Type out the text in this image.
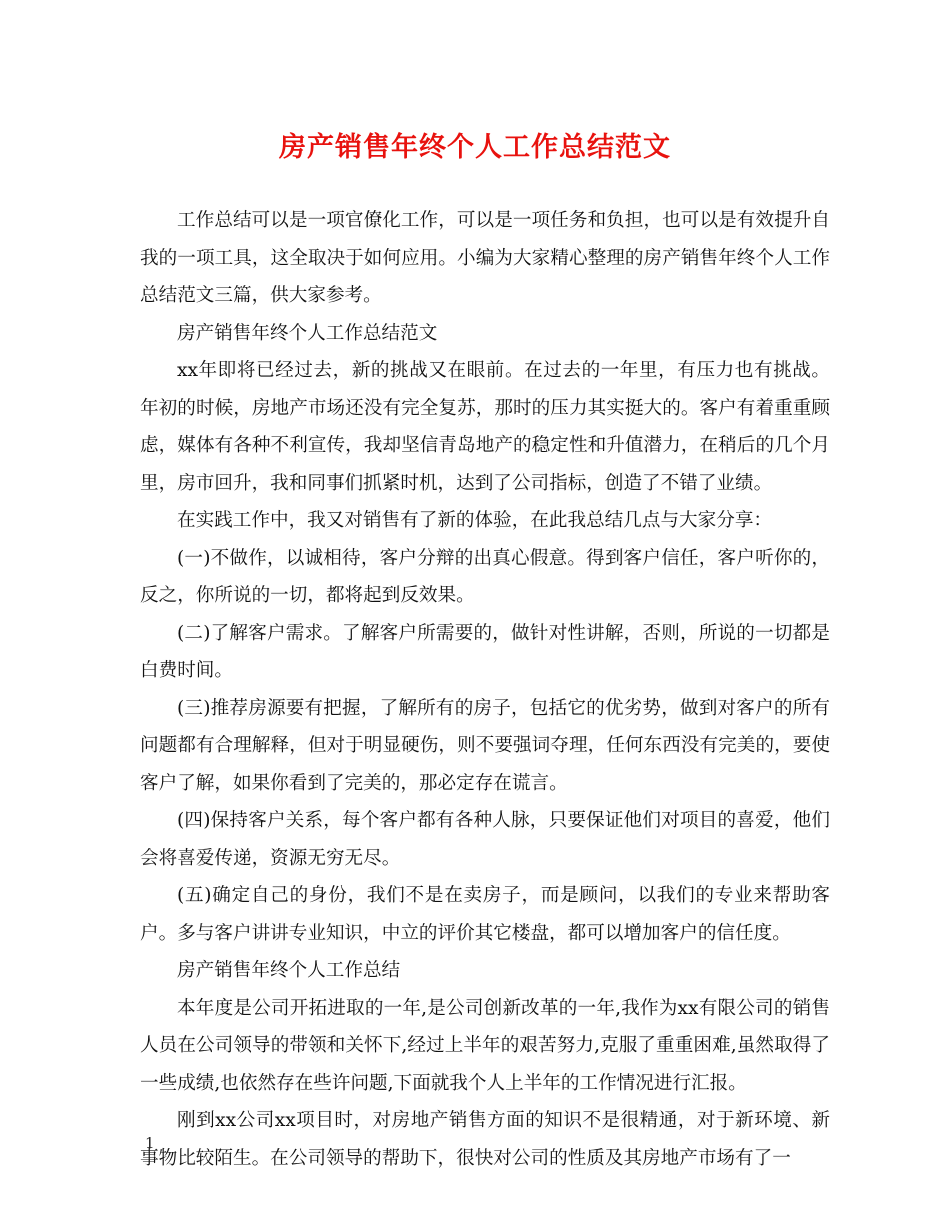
房产销售年终个人工作总结范文

工作总结可以是一项官僚化工作，可以是一项任务和负担，也可以是有效提升自我的一项工具，这全取决于如何应用。小编为大家精心整理的房产销售年终个人工作总结范文三篇，供大家参考。

房产销售年终个人工作总结范文

xx年即将已经过去，新的挑战又在眼前。在过去的一年里，有压力也有挑战。年初的时候，房地产市场还没有完全复苏，那时的压力其实挺大的。客户有着重重顾虑，媒体有各种不利宣传，我却坚信青岛地产的稳定性和升值潜力，在稍后的几个月里，房市回升，我和同事们抓紧时机，达到了公司指标，创造了不错了业绩。

在实践工作中，我又对销售有了新的体验，在此我总结几点与大家分享：

(一)不做作，以诚相待，客户分辩的出真心假意。得到客户信任，客户听你的，反之，你所说的一切，都将起到反效果。

(二)了解客户需求。了解客户所需要的，做针对性讲解，否则，所说的一切都是白费时间。

(三)推荐房源要有把握，了解所有的房子，包括它的优劣势，做到对客户的所有问题都有合理解释，但对于明显硬伤，则不要强词夺理，任何东西没有完美的，要使客户了解，如果你看到了完美的，那必定存在谎言。

(四)保持客户关系，每个客户都有各种人脉，只要保证他们对项目的喜爱，他们会将喜爱传递，资源无穷无尽。

(五)确定自己的身份，我们不是在卖房子，而是顾问，以我们的专业来帮助客户。多与客户讲讲专业知识，中立的评价其它楼盘，都可以增加客户的信任度。

房产销售年终个人工作总结

本年度是公司开拓进取的一年,是公司创新改革的一年,我作为xx有限公司的销售人员在公司领导的带领和关怀下,经过上半年的艰苦努力,克服了重重困难,虽然取得了一些成绩,也依然存在些许问题,下面就我个人上半年的工作情况进行汇报。

刚到xx公司xx项目时，对房地产销售方面的知识不是很精通，对于新环境、新事物比较陌生。在公司领导的帮助下，很快对公司的性质及其房地产市场有了一

1
